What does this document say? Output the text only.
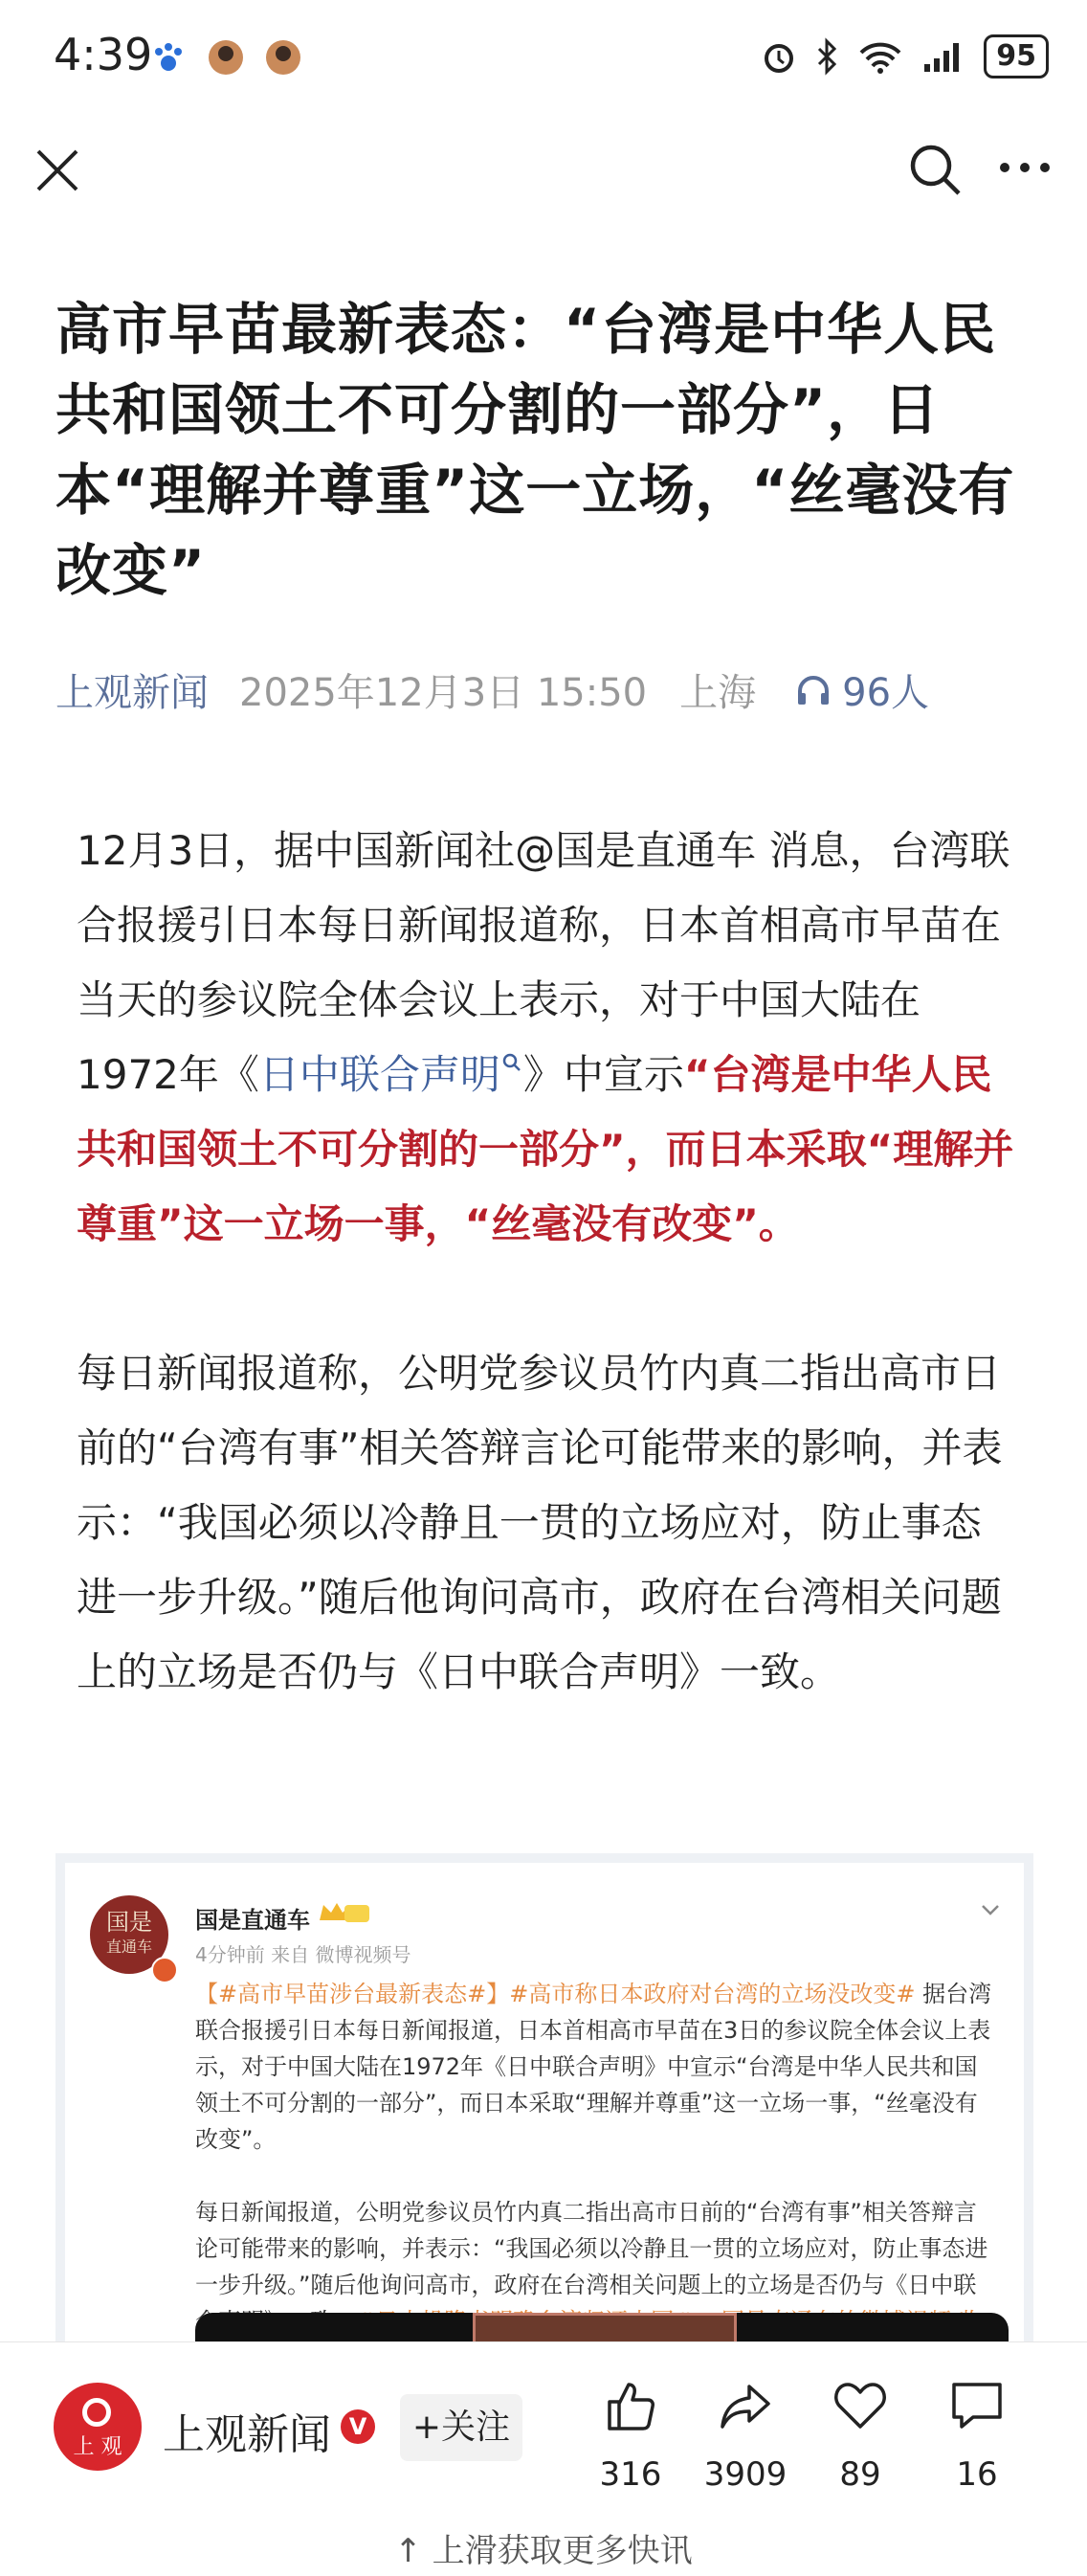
4:39	95
高市早苗最新表态：“台湾是中华人民共和国领土不可分割的一部分”，日本“理解并尊重”这一立场，“丝毫没有改变”
上观新闻 2025年12月3日 15:50 上海 96人

12月3日，据中国新闻社@国是直通车 消息，台湾联合报援引日本每日新闻报道称，日本首相高市早苗在当天的参议院全体会议上表示，对于中国大陆在1972年《日中联合声明 》中宣示“台湾是中华人民共和国领土不可分割的一部分”，而日本采取“理解并尊重”这一立场一事，“丝毫没有改变”。

每日新闻报道称，公明党参议员竹内真二指出高市日前的“台湾有事”相关答辩言论可能带来的影响，并表示：“我国必须以冷静且一贯的立场应对，防止事态进一步升级。”随后他询问高市，政府在台湾相关问题上的立场是否仍与《日中联合声明》一致。

国是
直通车
国是直通车
4分钟前 来自 微博视频号

【#高市早苗涉台最新表态#】#高市称日本政府对台湾的立场没改变# 据台湾联合报援引日本每日新闻报道，日本首相高市早苗在3日的参议院全体会议上表示，对于中国大陆在1972年《日中联合声明》中宣示“台湾是中华人民共和国领土不可分割的一部分”，而日本采取“理解并尊重”这一立场一事，“丝毫没有改变”。

每日新闻报道，公明党参议员竹内真二指出高市日前的“台湾有事”相关答辩言论可能带来的影响，并表示：“我国必须以冷静且一贯的立场应对，防止事态进一步升级。”随后他询问高市，政府在台湾相关问题上的立场是否仍与《日中联

上 观 上观新闻 V	+关注
316	3909	89	16
↑ 上滑获取更多快讯
